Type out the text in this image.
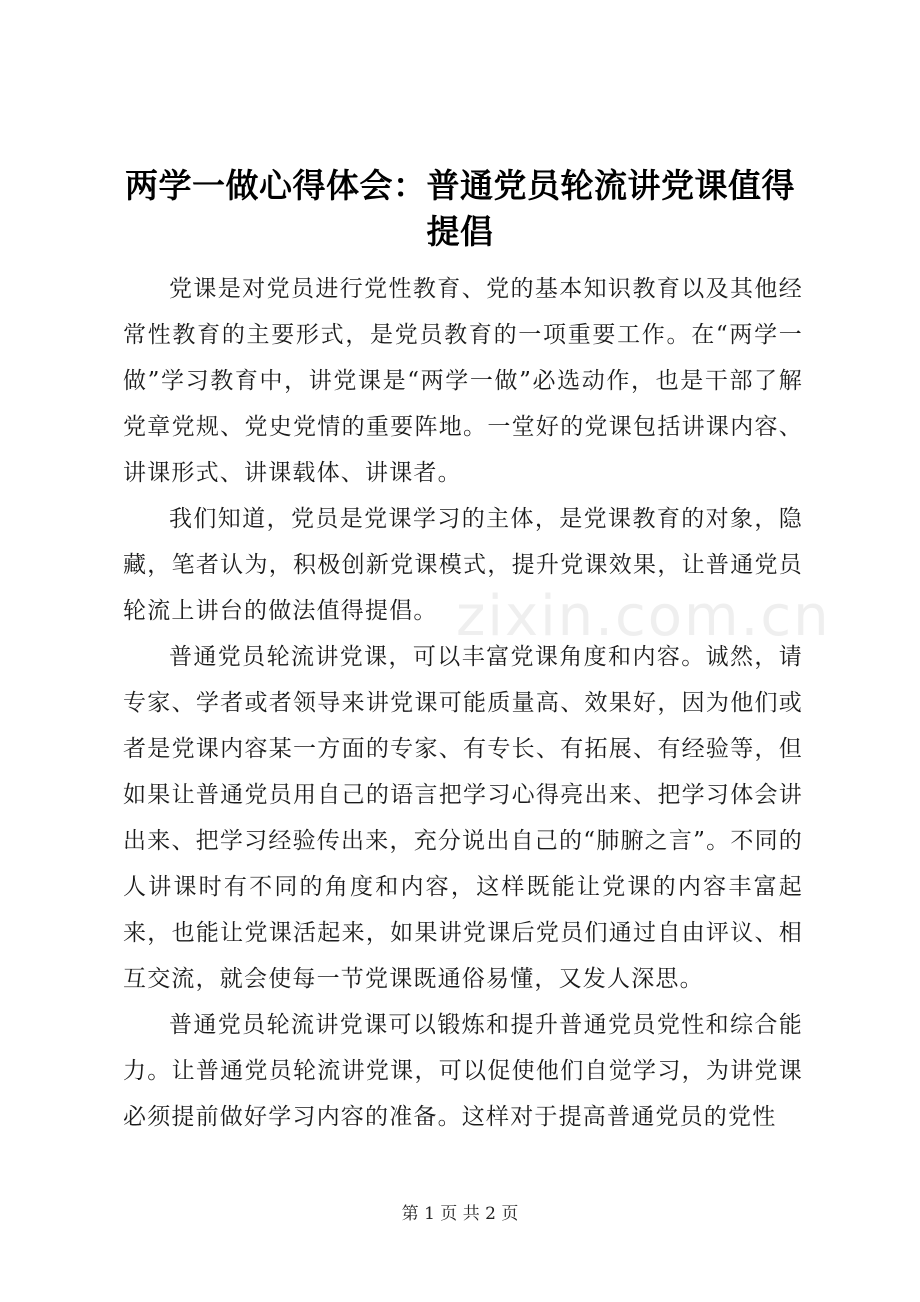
两学一做心得体会：普通党员轮流讲党课值得提倡

党课是对党员进行党性教育、党的基本知识教育以及其他经常性教育的主要形式，是党员教育的一项重要工作。在“两学一做”学习教育中，讲党课是“两学一做”必选动作，也是干部了解党章党规、党史党情的重要阵地。一堂好的党课包括讲课内容、讲课形式、讲课载体、讲课者。

我们知道，党员是党课学习的主体，是党课教育的对象，隐藏，笔者认为，积极创新党课模式，提升党课效果，让普通党员轮流上讲台的做法值得提倡。

普通党员轮流讲党课，可以丰富党课角度和内容。诚然，请专家、学者或者领导来讲党课可能质量高、效果好，因为他们或者是党课内容某一方面的专家、有专长、有拓展、有经验等，但如果让普通党员用自己的语言把学习心得亮出来、把学习体会讲出来、把学习经验传出来，充分说出自己的“肺腑之言”。不同的人讲课时有不同的角度和内容，这样既能让党课的内容丰富起来，也能让党课活起来，如果讲党课后党员们通过自由评议、相互交流，就会使每一节党课既通俗易懂，又发人深思。

普通党员轮流讲党课可以锻炼和提升普通党员党性和综合能力。让普通党员轮流讲党课，可以促使他们自觉学习，为讲党课必须提前做好学习内容的准备。这样对于提高普通党员的党性

zixin.com.cn
第 1 页 共 2 页
